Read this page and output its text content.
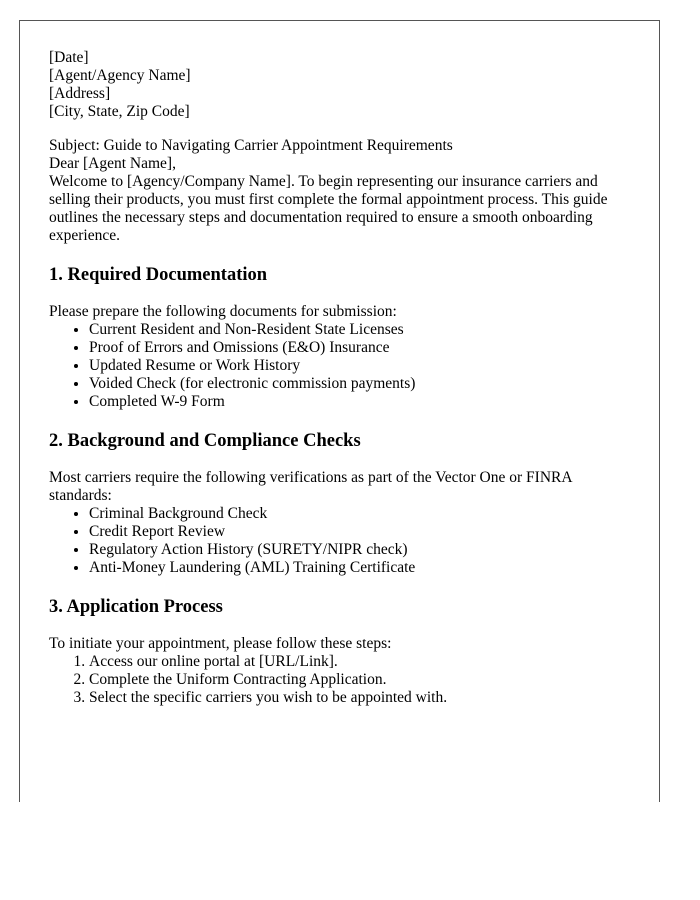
[Date]

[Agent/Agency Name]

[Address]

[City, State, Zip Code]

Subject: Guide to Navigating Carrier Appointment Requirements

Dear [Agent Name],

Welcome to [Agency/Company Name]. To begin representing our insurance carriers and selling their products, you must first complete the formal appointment process. This guide outlines the necessary steps and documentation required to ensure a smooth onboarding experience.

1. Required Documentation

Please prepare the following documents for submission:

• Current Resident and Non-Resident State Licenses
• Proof of Errors and Omissions (E&O) Insurance
• Updated Resume or Work History
• Voided Check (for electronic commission payments)
• Completed W-9 Form
2. Background and Compliance Checks

Most carriers require the following verifications as part of the Vector One or FINRA standards:

• Criminal Background Check
• Credit Report Review
• Regulatory Action History (SURETY/NIPR check)
• Anti-Money Laundering (AML) Training Certificate
3. Application Process

To initiate your appointment, please follow these steps:

1. Access our online portal at [URL/Link].
2. Complete the Uniform Contracting Application.
3. Select the specific carriers you wish to be appointed with.
